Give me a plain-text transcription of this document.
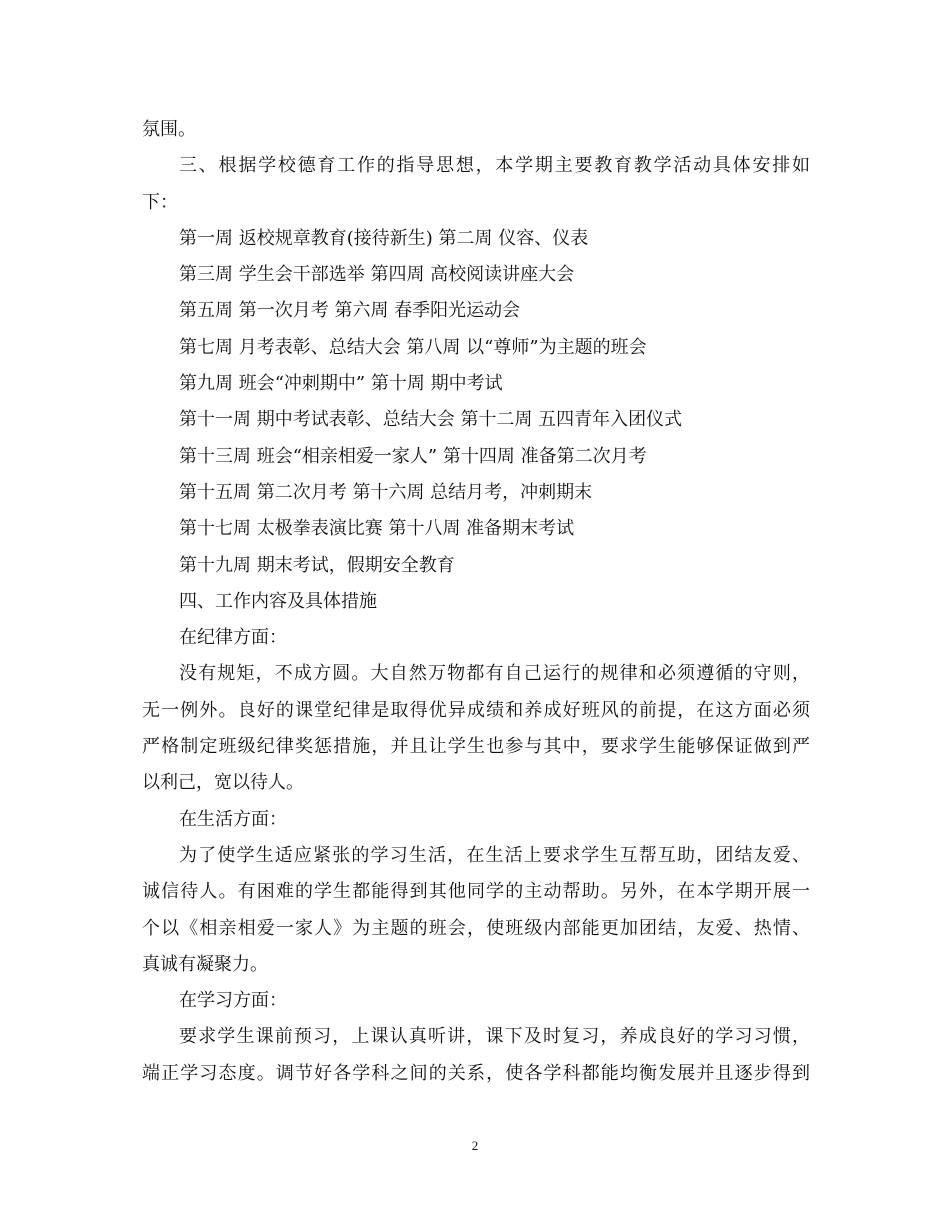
氛围。
三、根据学校德育工作的指导思想，本学期主要教育教学活动具体安排如
下：
第一周 返校规章教育(接待新生) 第二周 仪容、仪表
第三周 学生会干部选举 第四周 高校阅读讲座大会
第五周 第一次月考 第六周 春季阳光运动会
第七周 月考表彰、总结大会 第八周 以“尊师”为主题的班会
第九周 班会“冲刺期中” 第十周 期中考试
第十一周 期中考试表彰、总结大会 第十二周 五四青年入团仪式
第十三周 班会“相亲相爱一家人” 第十四周 准备第二次月考
第十五周 第二次月考 第十六周 总结月考，冲刺期末
第十七周 太极拳表演比赛 第十八周 准备期末考试
第十九周 期末考试，假期安全教育
四、工作内容及具体措施
在纪律方面：
没有规矩，不成方圆。大自然万物都有自己运行的规律和必须遵循的守则，
无一例外。良好的课堂纪律是取得优异成绩和养成好班风的前提，在这方面必须
严格制定班级纪律奖惩措施，并且让学生也参与其中，要求学生能够保证做到严
以利己，宽以待人。
在生活方面：
为了使学生适应紧张的学习生活，在生活上要求学生互帮互助，团结友爱、
诚信待人。有困难的学生都能得到其他同学的主动帮助。另外，在本学期开展一
个以《相亲相爱一家人》为主题的班会，使班级内部能更加团结，友爱、热情、
真诚有凝聚力。
在学习方面：
要求学生课前预习，上课认真听讲，课下及时复习，养成良好的学习习惯，
端正学习态度。调节好各学科之间的关系，使各学科都能均衡发展并且逐步得到
2
